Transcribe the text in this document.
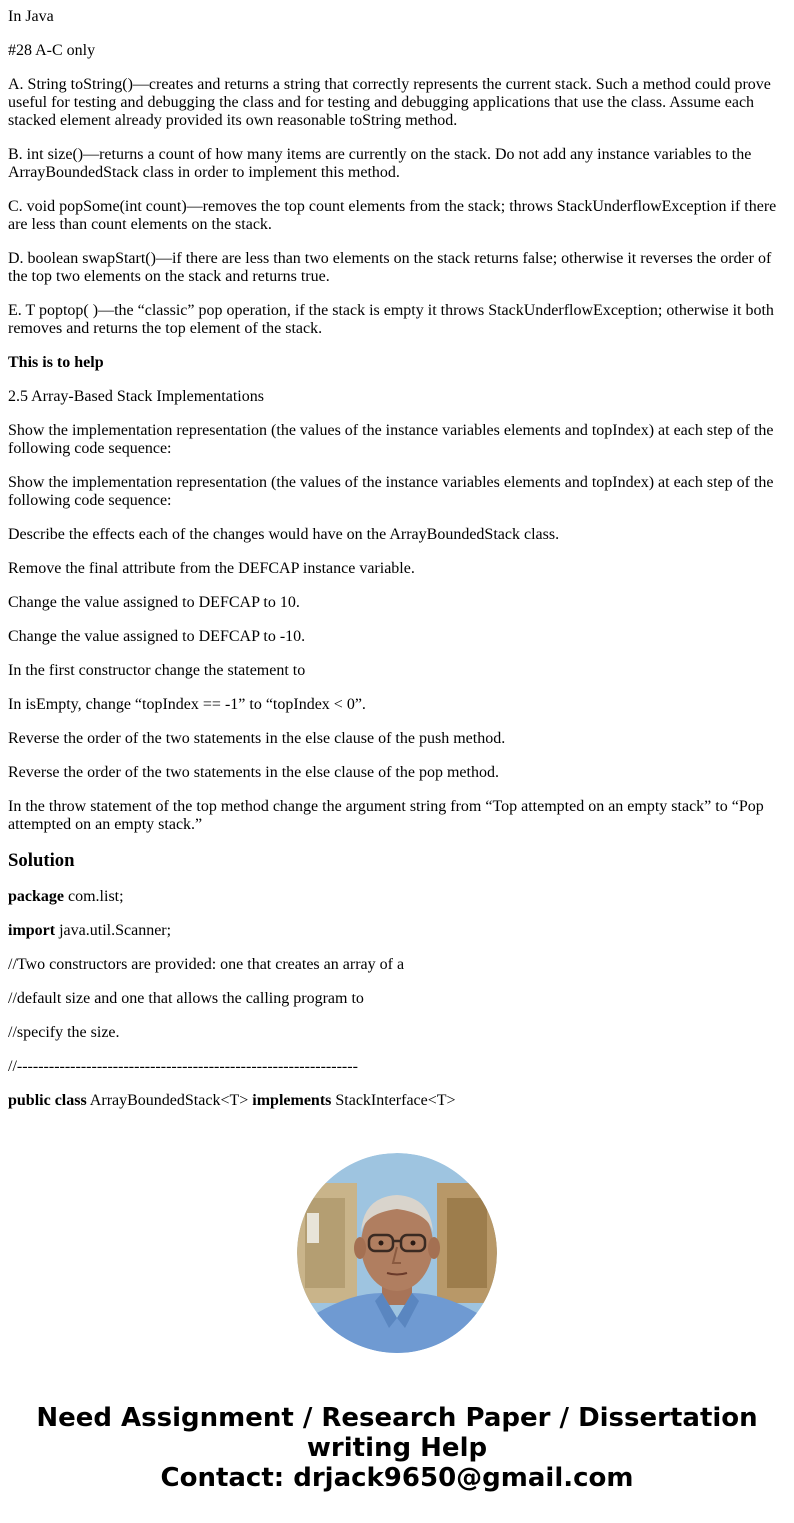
In Java

#28 A-C only

A. String toString()—creates and returns a string that correctly represents the current stack. Such a method could prove useful for testing and debugging the class and for testing and debugging applications that use the class. Assume each stacked element already provided its own reasonable toString method.

B. int size()—returns a count of how many items are currently on the stack. Do not add any instance variables to the ArrayBoundedStack class in order to implement this method.

C. void popSome(int count)—removes the top count elements from the stack; throws StackUnderflowException if there are less than count elements on the stack.

D. boolean swapStart()—if there are less than two elements on the stack returns false; otherwise it reverses the order of the top two elements on the stack and returns true.

E. T poptop( )—the “classic” pop operation, if the stack is empty it throws StackUnderflowException; otherwise it both removes and returns the top element of the stack.

This is to help

2.5 Array-Based Stack Implementations

Show the implementation representation (the values of the instance variables elements and topIndex) at each step of the following code sequence:

Show the implementation representation (the values of the instance variables elements and topIndex) at each step of the following code sequence:

Describe the effects each of the changes would have on the ArrayBoundedStack class.

Remove the final attribute from the DEFCAP instance variable.

Change the value assigned to DEFCAP to 10.

Change the value assigned to DEFCAP to -10.

In the first constructor change the statement to

In isEmpty, change “topIndex == -1” to “topIndex < 0”.

Reverse the order of the two statements in the else clause of the push method.

Reverse the order of the two statements in the else clause of the pop method.

In the throw statement of the top method change the argument string from “Top attempted on an empty stack” to “Pop attempted on an empty stack.”

Solution

package com.list;

import java.util.Scanner;

//Two constructors are provided: one that creates an array of a

//default size and one that allows the calling program to

//specify the size.

//----------------------------------------------------------------

public class ArrayBoundedStack<T> implements StackInterface<T>

Need Assignment / Research Paper / Dissertation
writing Help
Contact: drjack9650@gmail.com
